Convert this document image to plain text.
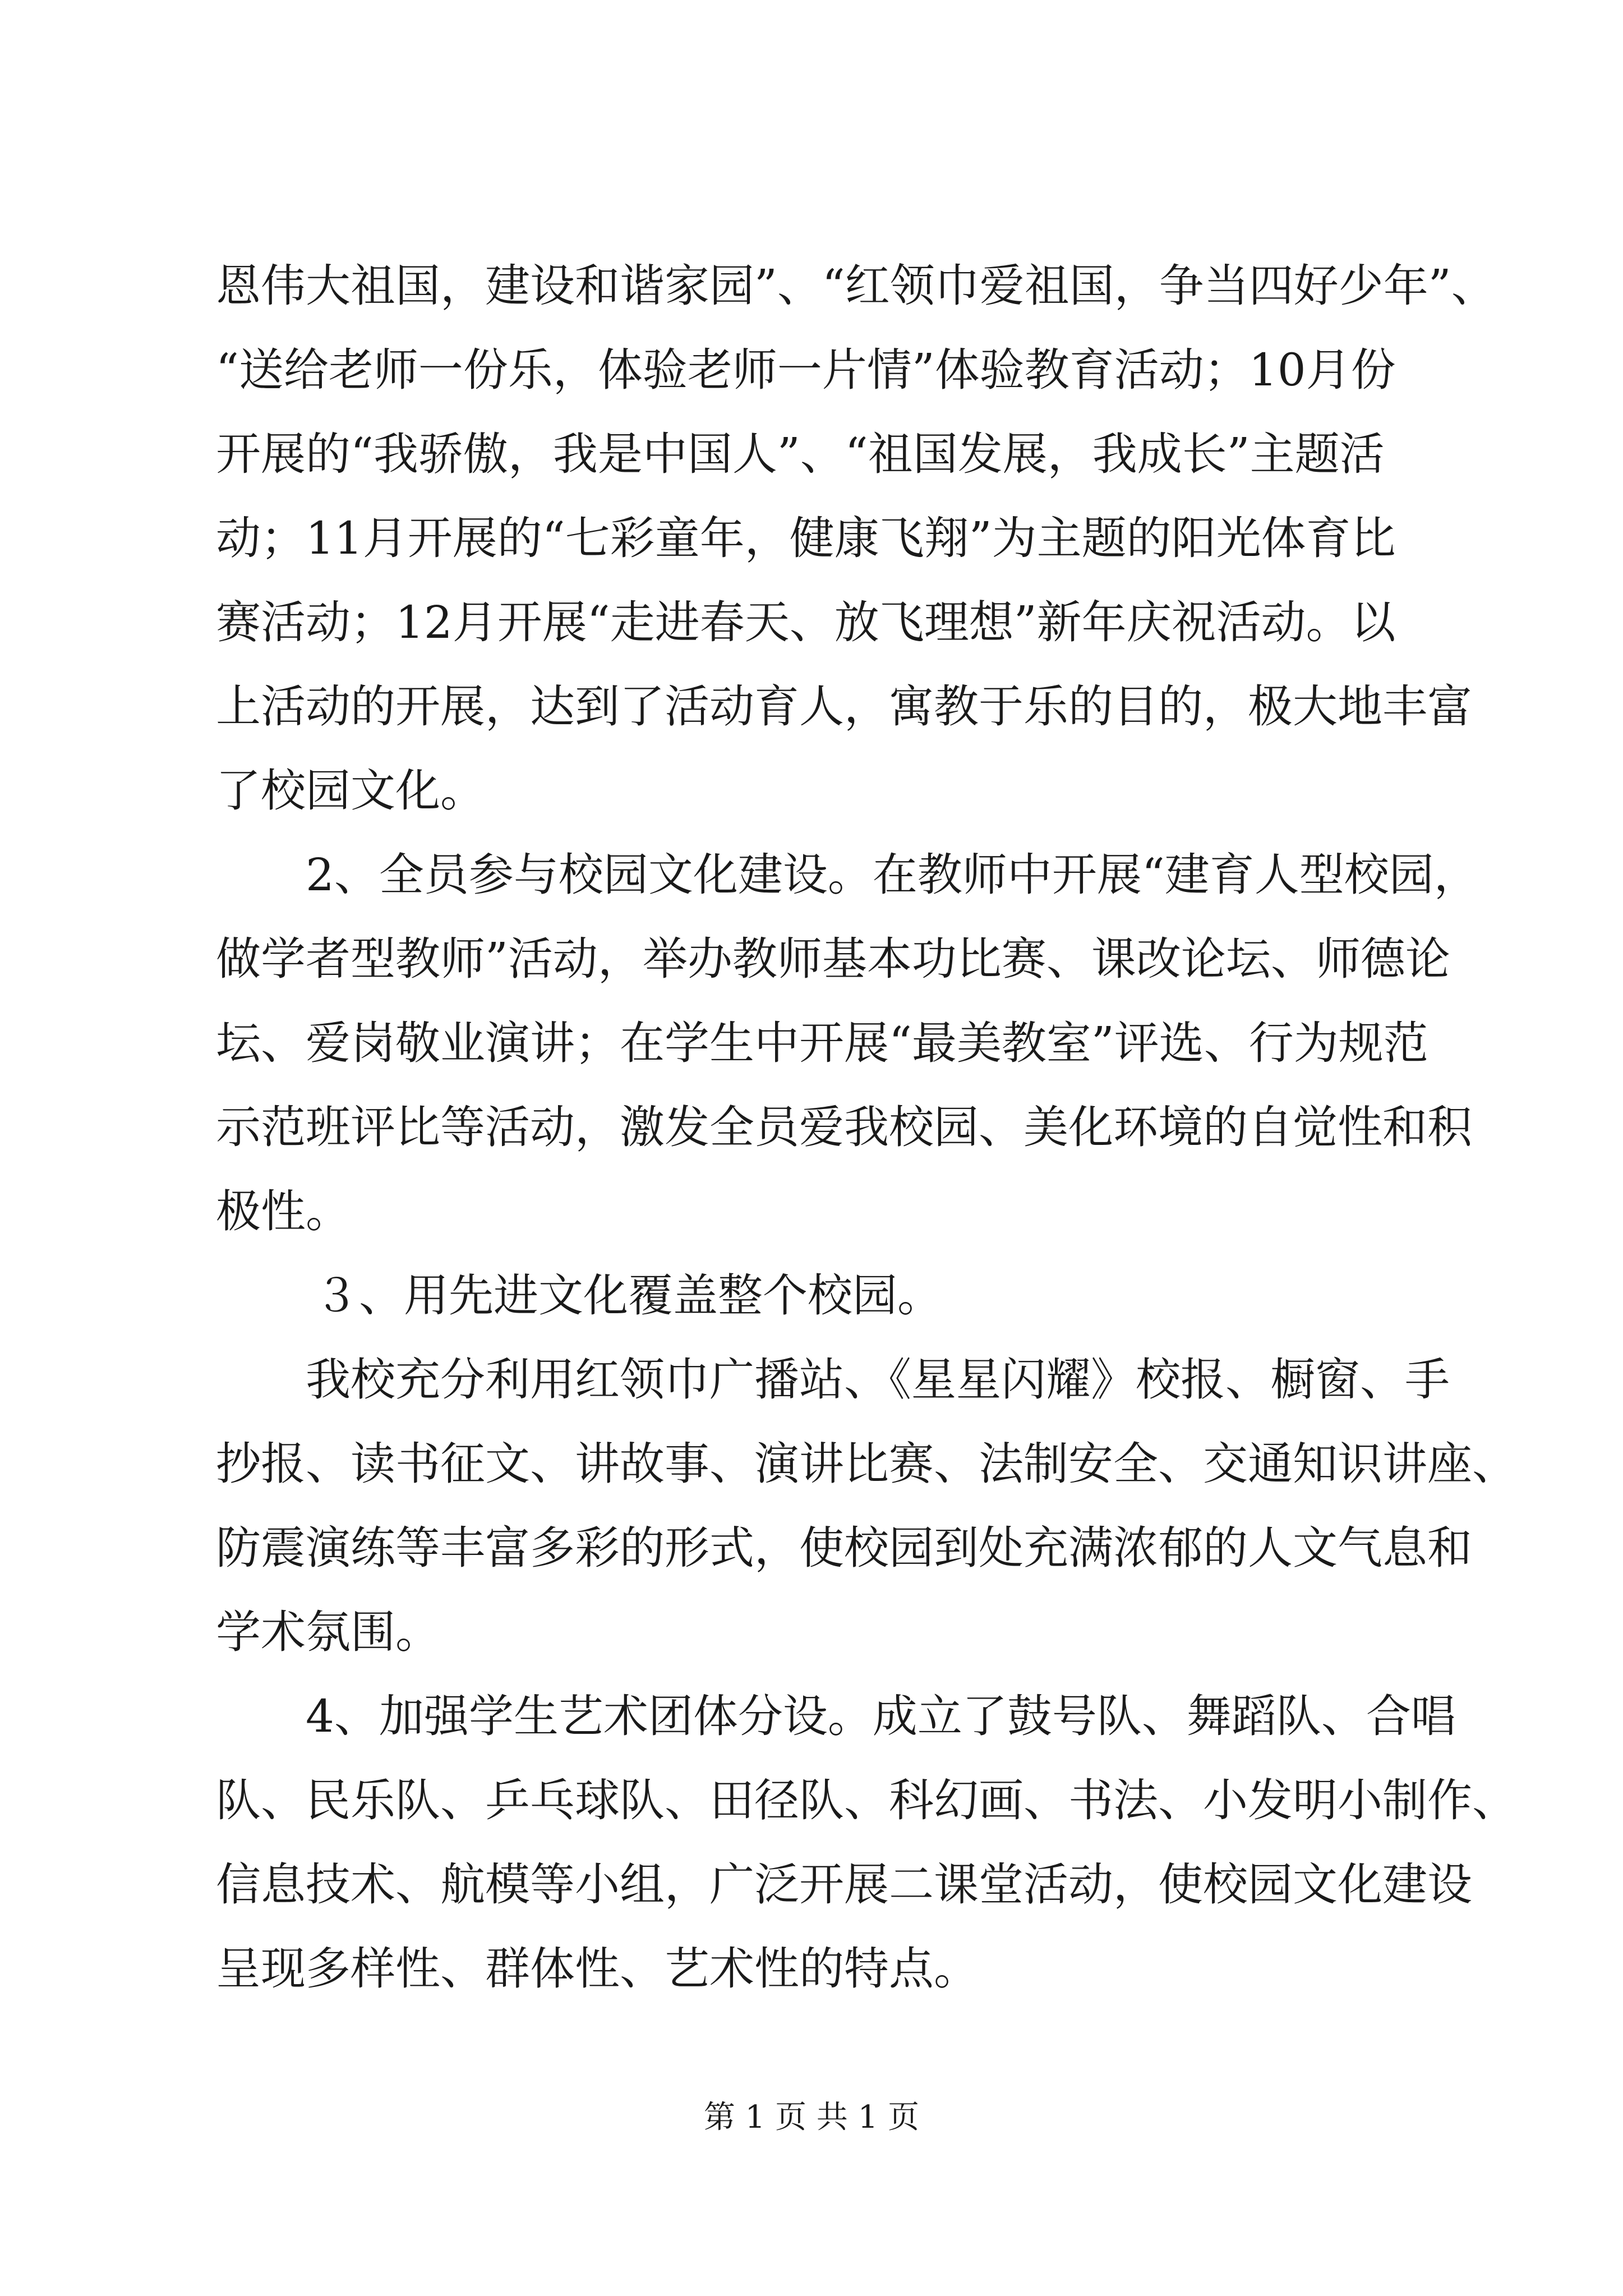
恩伟大祖国，建设和谐家园”、“红领巾爱祖国，争当四好少年”、
“送给老师一份乐，体验老师一片情”体验教育活动；10月份
开展的“我骄傲，我是中国人”、“祖国发展，我成长”主题活
动；11月开展的“七彩童年，健康飞翔”为主题的阳光体育比
赛活动；12月开展“走进春天、放飞理想”新年庆祝活动。以
上活动的开展，达到了活动育人，寓教于乐的目的，极大地丰富
了校园文化。
2、全员参与校园文化建设。在教师中开展“建育人型校园，
做学者型教师”活动，举办教师基本功比赛、课改论坛、师德论
坛、爱岗敬业演讲；在学生中开展“最美教室”评选、行为规范
示范班评比等活动，激发全员爱我校园、美化环境的自觉性和积
极性。
３、用先进文化覆盖整个校园。
我校充分利用红领巾广播站、《星星闪耀》校报、橱窗、手
抄报、读书征文、讲故事、演讲比赛、法制安全、交通知识讲座、
防震演练等丰富多彩的形式，使校园到处充满浓郁的人文气息和
学术氛围。
4、加强学生艺术团体分设。成立了鼓号队、舞蹈队、合唱
队、民乐队、乒乓球队、田径队、科幻画、书法、小发明小制作、
信息技术、航模等小组，广泛开展二课堂活动，使校园文化建设
呈现多样性、群体性、艺术性的特点。
第 1 页 共 1 页
